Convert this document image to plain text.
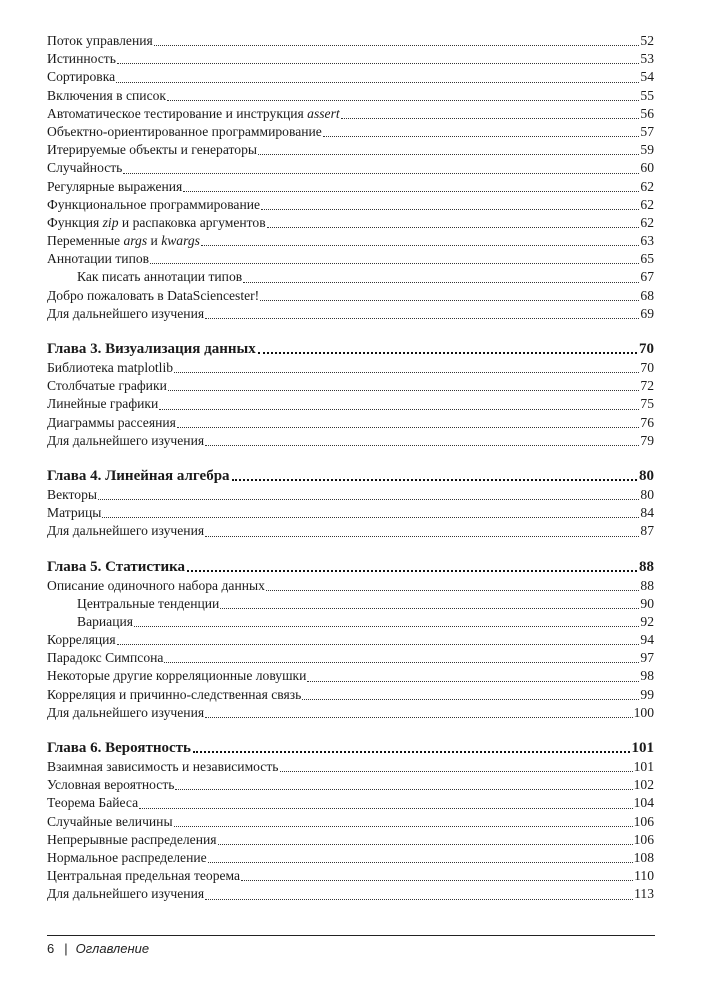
Поток управления	52
Истинность	53
Сортировка	54
Включения в список	55
Автоматическое тестирование и инструкция assert	56
Объектно-ориентированное программирование	57
Итерируемые объекты и генераторы	59
Случайность	60
Регулярные выражения	62
Функциональное программирование	62
Функция zip и распаковка аргументов	62
Переменные args и kwargs	63
Аннотации типов	65
Как писать аннотации типов	67
Добро пожаловать в DataSciencester!	68
Для дальнейшего изучения	69
Глава 3. Визуализация данных	70
Библиотека matplotlib	70
Столбчатые графики	72
Линейные графики	75
Диаграммы рассеяния	76
Для дальнейшего изучения	79
Глава 4. Линейная алгебра	80
Векторы	80
Матрицы	84
Для дальнейшего изучения	87
Глава 5. Статистика	88
Описание одиночного набора данных	88
Центральные тенденции	90
Вариация	92
Корреляция	94
Парадокс Симпсона	97
Некоторые другие корреляционные ловушки	98
Корреляция и причинно-следственная связь	99
Для дальнейшего изучения	100
Глава 6. Вероятность	101
Взаимная зависимость и независимость	101
Условная вероятность	102
Теорема Байеса	104
Случайные величины	106
Непрерывные распределения	106
Нормальное распределение	108
Центральная предельная теорема	110
Для дальнейшего изучения	113
6 | Оглавление
